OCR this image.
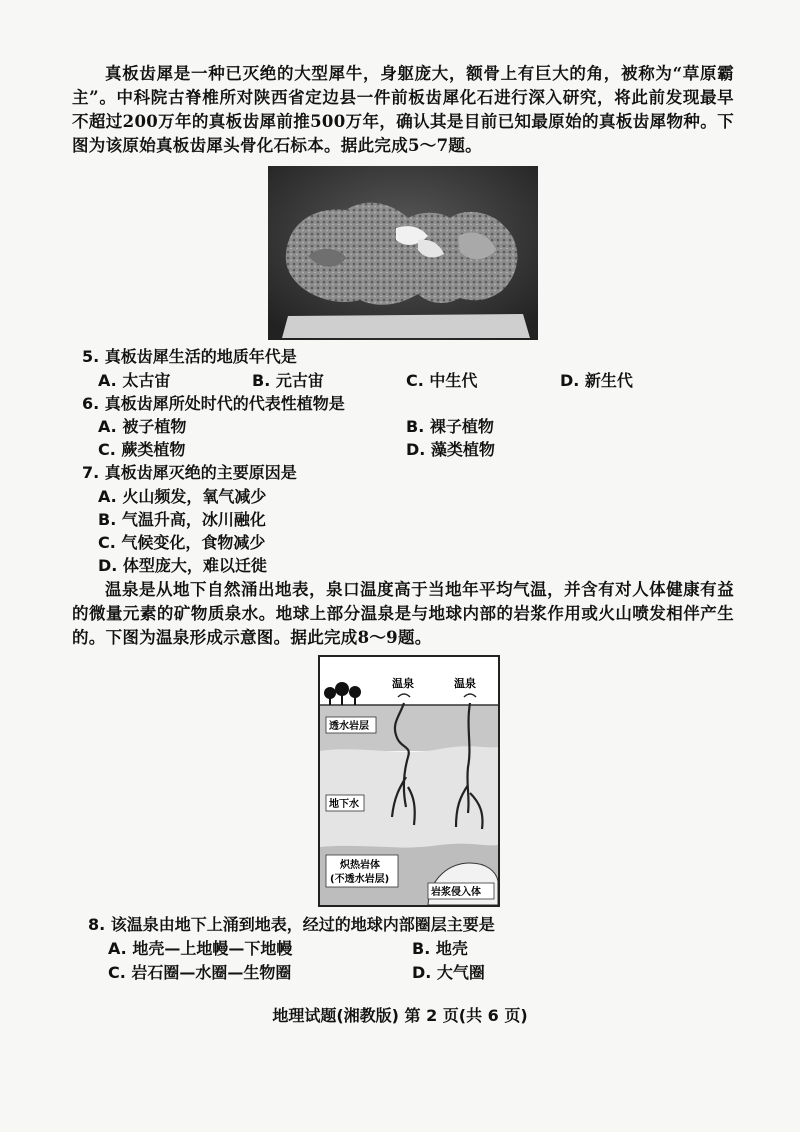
真板齿犀是一种已灭绝的大型犀牛，身躯庞大，额骨上有巨大的角，被称为“草原霸主”。中科院古脊椎所对陕西省定边县一件前板齿犀化石进行深入研究，将此前发现最早不超过200万年的真板齿犀前推500万年，确认其是目前已知最原始的真板齿犀物种。下图为该原始真板齿犀头骨化石标本。据此完成5～7题。

5. 真板齿犀生活的地质年代是
A. 太古宙	B. 元古宙	C. 中生代	D. 新生代
6. 真板齿犀所处时代的代表性植物是
A. 被子植物	B. 裸子植物
C. 蕨类植物	D. 藻类植物
7. 真板齿犀灭绝的主要原因是
A. 火山频发，氧气减少
B. 气温升高，冰川融化
C. 气候变化，食物减少
D. 体型庞大，难以迁徙

温泉是从地下自然涌出地表，泉口温度高于当地年平均气温，并含有对人体健康有益的微量元素的矿物质泉水。地球上部分温泉是与地球内部的岩浆作用或火山喷发相伴产生的。下图为温泉形成示意图。据此完成8～9题。

温泉	温泉
透水岩层
地下水
炽热岩体
(不透水岩层)
岩浆侵入体
8. 该温泉由地下上涌到地表，经过的地球内部圈层主要是
A. 地壳—上地幔—下地幔	B. 地壳
C. 岩石圈—水圈—生物圈	D. 大气圈
地理试题(湘教版) 第 2 页(共 6 页)
